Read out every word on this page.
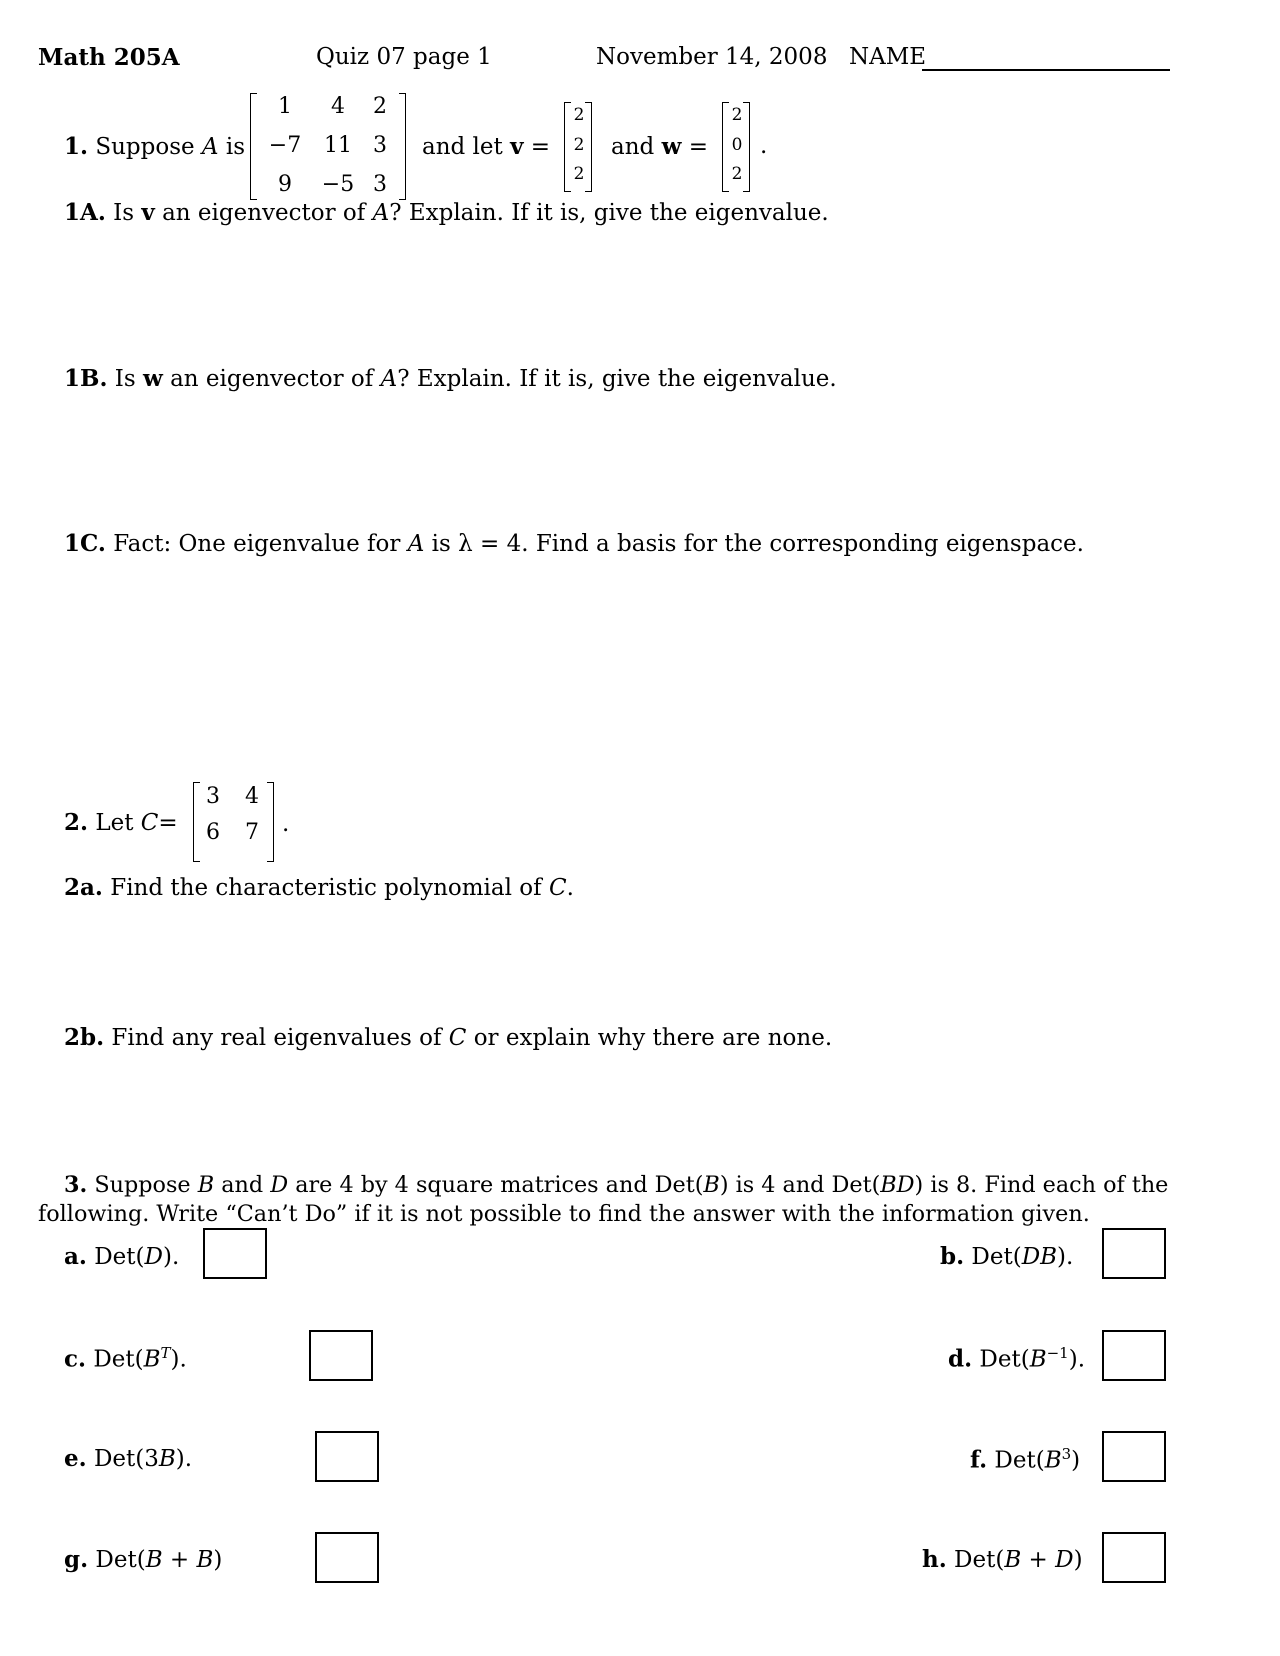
Math 205A	Quiz 07 page 1	November 14, 2008 NAME
1. Suppose A is
1	4	2
−7 11 3
9	−5 3
and let v =
2
2
2
and w =
2
0
2
.
1A. Is v an eigenvector of A? Explain. If it is, give the eigenvalue.
1B. Is w an eigenvector of A? Explain. If it is, give the eigenvalue.
1C. Fact: One eigenvalue for A is λ = 4. Find a basis for the corresponding eigenspace.
2. Let C=
3	4
6	7	.
2a. Find the characteristic polynomial of C.
2b. Find any real eigenvalues of C or explain why there are none.
3. Suppose B and D are 4 by 4 square matrices and Det(B) is 4 and Det(BD) is 8. Find each of the
following. Write “Can’t Do” if it is not possible to find the answer with the information given.
a. Det(D).	b. Det(DB).
c. $Det(B^T)$.	d. $Det(B^{-1})$.
e. Det(3B).	f. $Det(B^3)$
g. Det(B + B)	h. Det(B + D)
